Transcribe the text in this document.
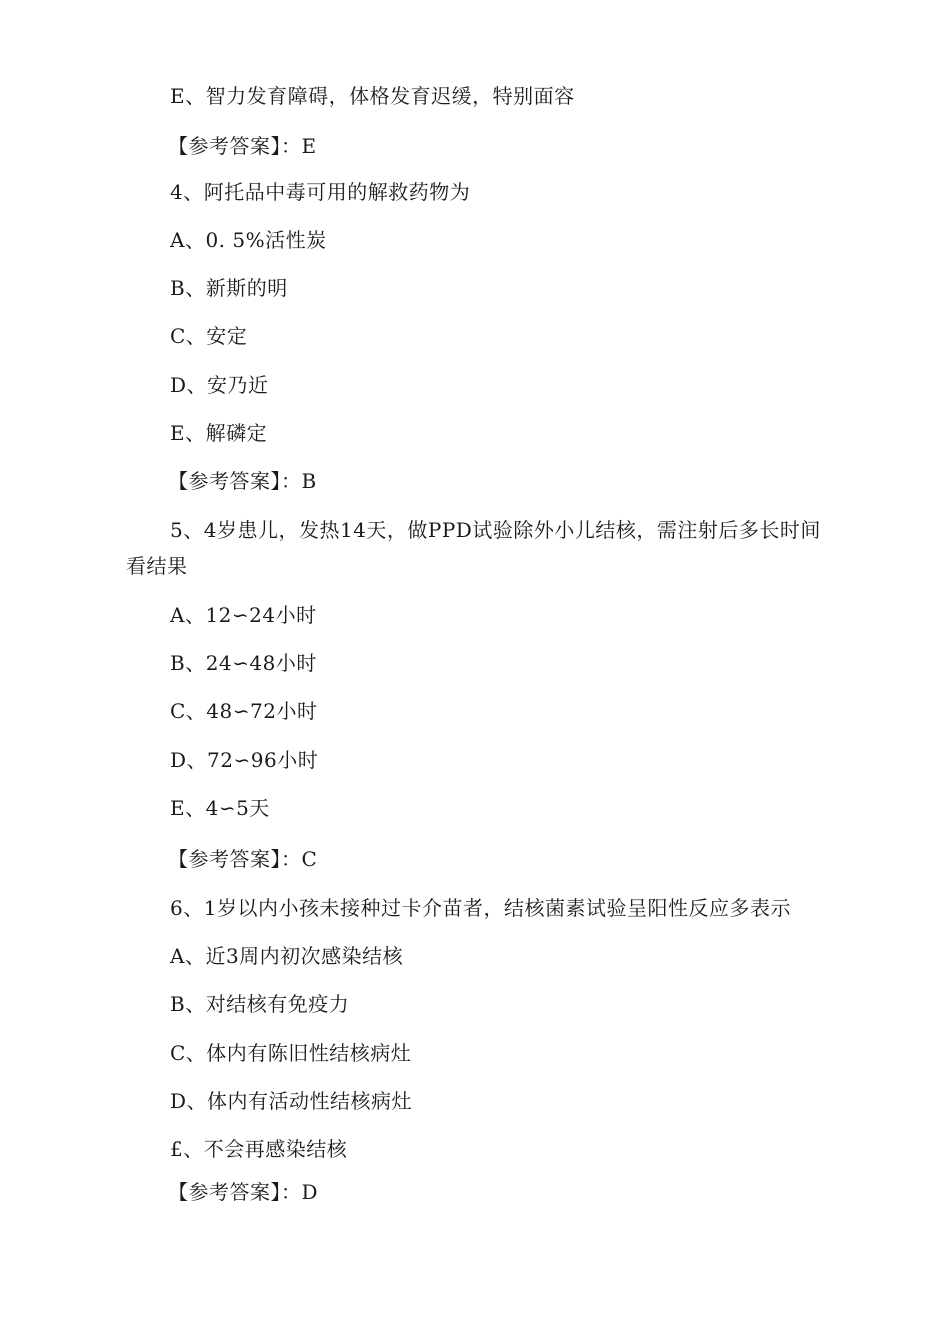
E、智力发育障碍，体格发育迟缓，特别面容
【参考答案】：E
4、阿托品中毒可用的解救药物为
A、0. 5%活性炭
B、新斯的明
C、安定
D、安乃近
E、解磷定
【参考答案】：B
5、4岁患儿，发热14天，做PPD试验除外小儿结核，需注射后多长时间看结果
A、12∽24小时
B、24∽48小时
C、48∽72小时
D、72∽96小时
E、4∽5天
【参考答案】：C
6、1岁以内小孩未接种过卡介苗者，结核菌素试验呈阳性反应多表示
A、近3周内初次感染结核
B、对结核有免疫力
C、体内有陈旧性结核病灶
D、体内有活动性结核病灶
£、不会再感染结核
【参考答案】：D
